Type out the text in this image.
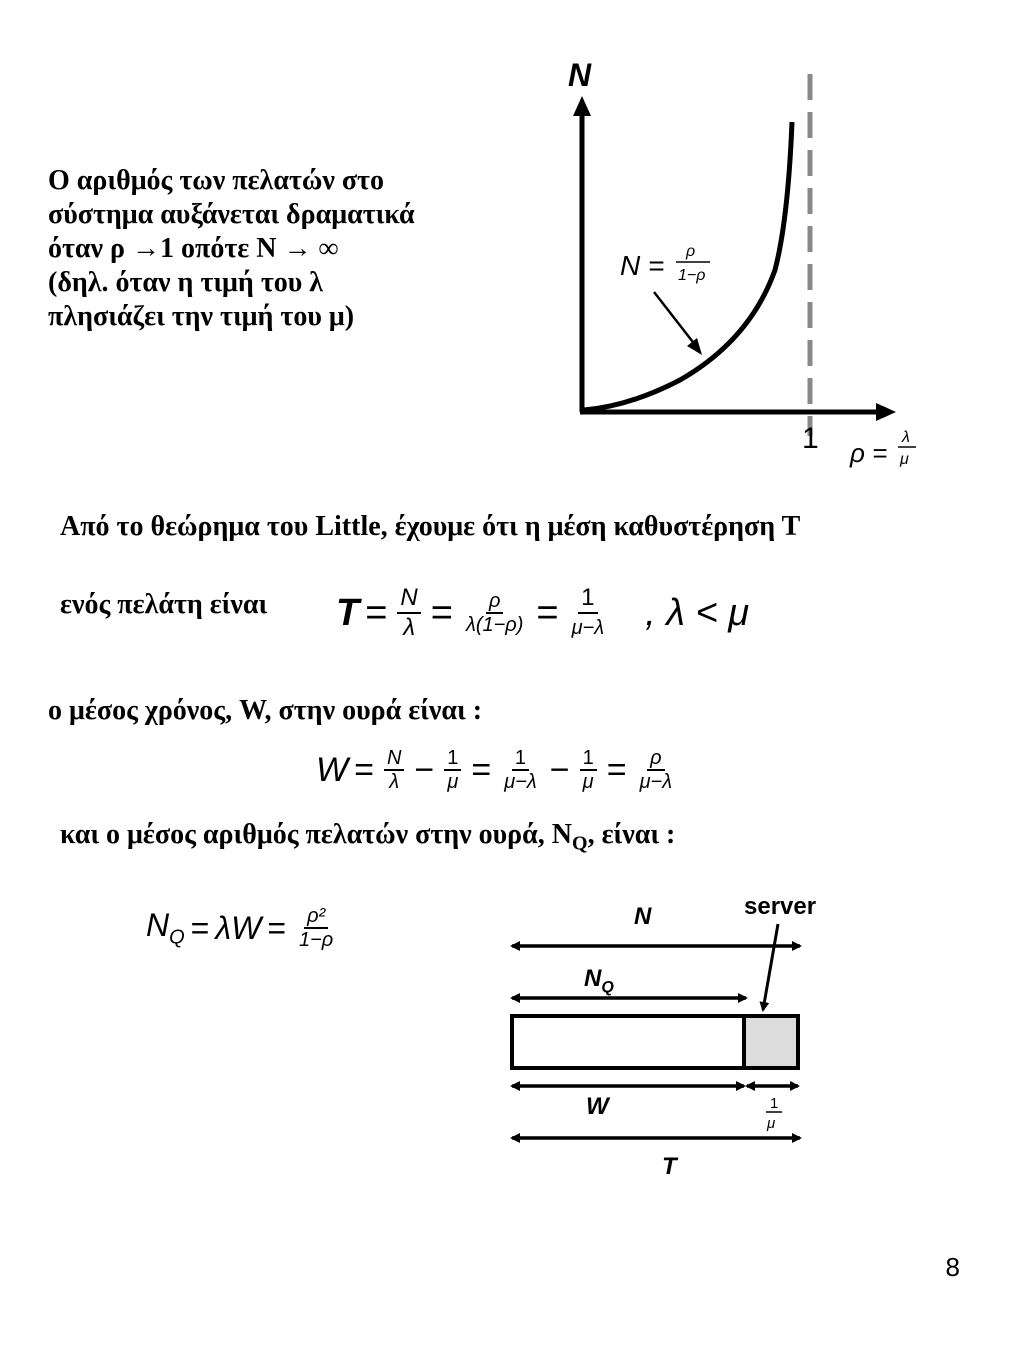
Ο αριθμός των πελατών στο
σύστημα αυξάνεται δραματικά
όταν ρ →1 οπότε Ν → ∞
(δηλ. όταν η τιμή του λ
πλησιάζει την τιμή του μ)
N
N = ρ
1−ρ
1 ρ =
λ
μ
Από το θεώρημα του Little, έχουμε ότι η μέση καθυστέρηση Τ
ενός πελάτη είναι $T = \frac{N}{\lambda} = \frac{\rho}{\lambda(1-\rho)} = \frac{1}{\mu-\lambda}$ , λ < μ
ο μέσος χρόνος, W, στην ουρά είναι :
$W = \frac{N}{\lambda} - \frac{1}{\mu} = \frac{1}{\mu-\lambda} - \frac{1}{\mu} = \frac{\rho}{\mu-\lambda}$
και ο μέσος αριθμός πελατών στην ουρά, $N_Q$, είναι :
$N_Q = \lambda W = \frac{\text{ρ²}}{1-\rho}$	N	server
$N_Q$
W	1
μ
T
8
